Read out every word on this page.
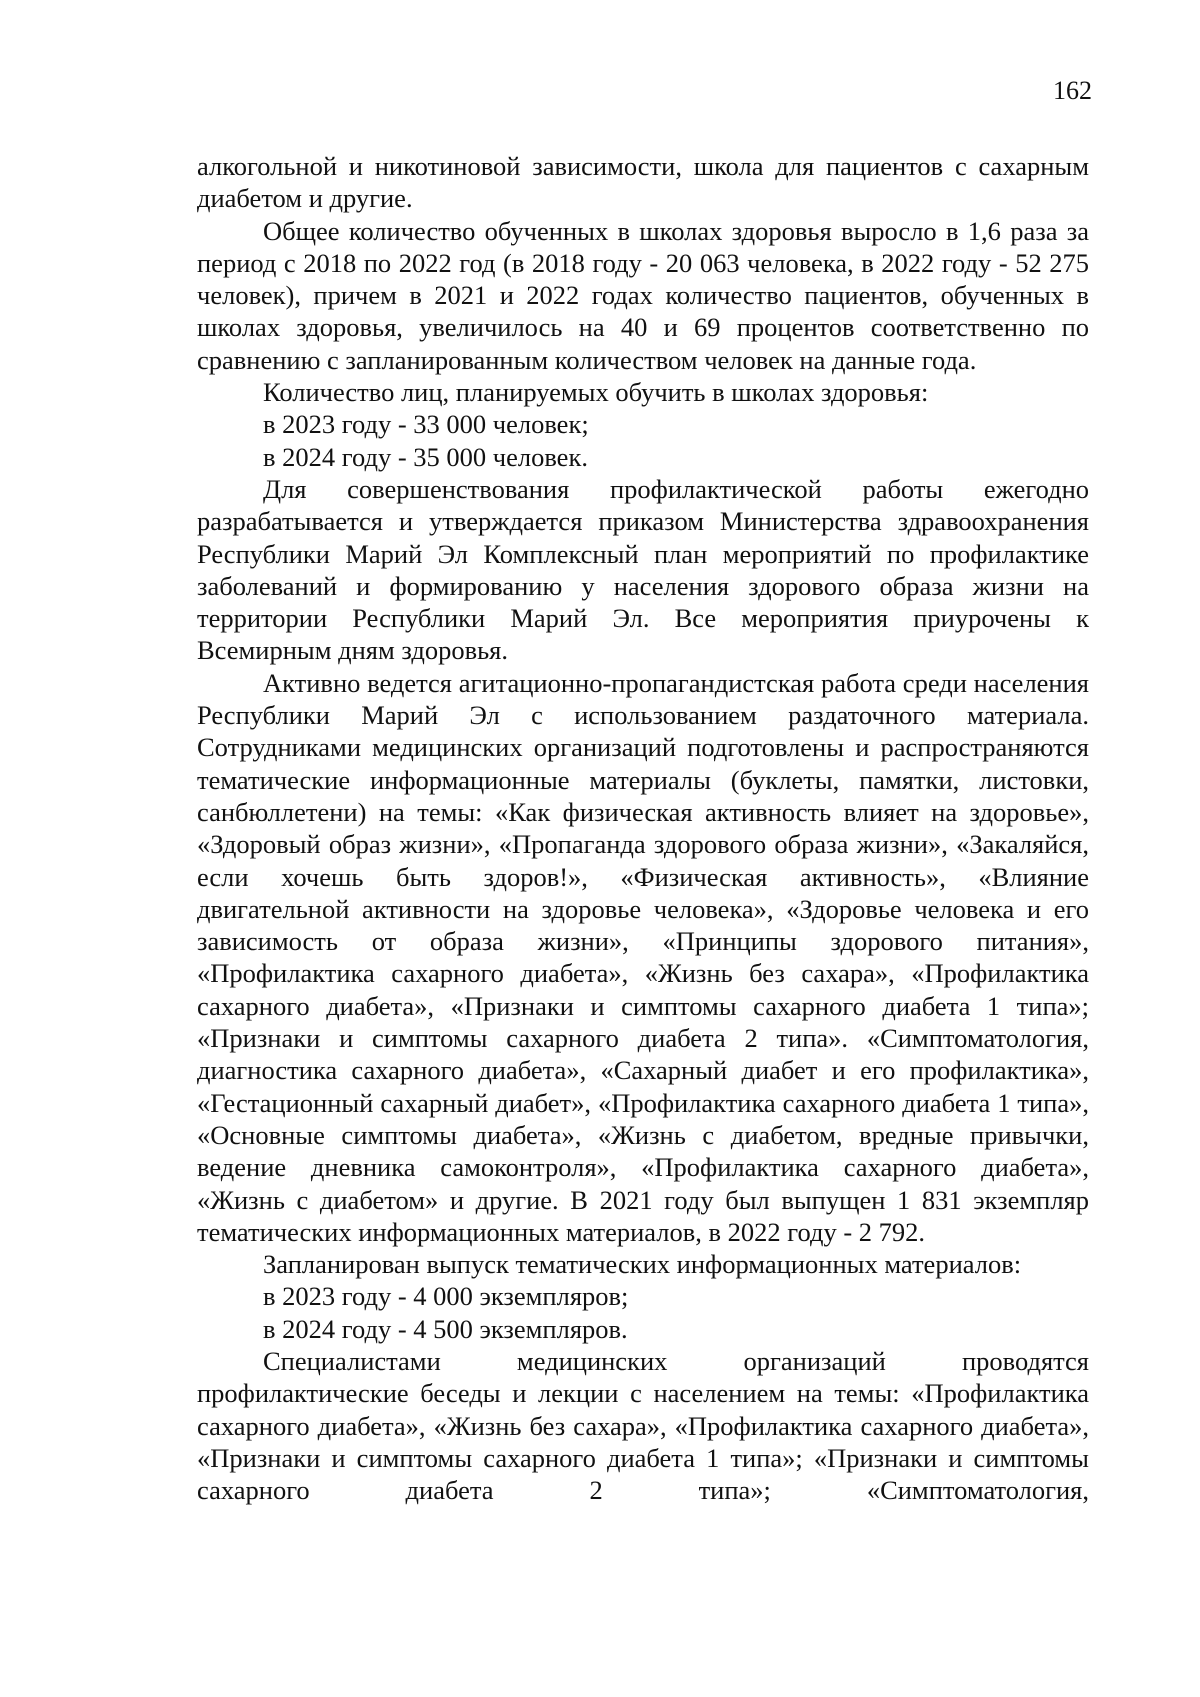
162

алкогольной и никотиновой зависимости, школа для пациентов с сахарным диабетом и другие.

Общее количество обученных в школах здоровья выросло в 1,6 раза за период с 2018 по 2022 год (в 2018 году - 20 063 человека, в 2022 году - 52 275 человек), причем в 2021 и 2022 годах количество пациентов, обученных в школах здоровья, увеличилось на 40 и 69 процентов соответственно по сравнению с запланированным количеством человек на данные года.

Количество лиц, планируемых обучить в школах здоровья:

в 2023 году - 33 000 человек;

в 2024 году - 35 000 человек.

Для совершенствования профилактической работы ежегодно разрабатывается и утверждается приказом Министерства здравоохранения Республики Марий Эл Комплексный план мероприятий по профилактике заболеваний и формированию у населения здорового образа жизни на территории Республики Марий Эл. Все мероприятия приурочены к Всемирным дням здоровья.

Активно ведется агитационно-пропагандистская работа среди населения Республики Марий Эл с использованием раздаточного материала. Сотрудниками медицинских организаций подготовлены и распространяются тематические информационные материалы (буклеты, памятки, листовки, санбюллетени) на темы: «Как физическая активность влияет на здоровье», «Здоровый образ жизни», «Пропаганда здорового образа жизни», «Закаляйся, если хочешь быть здоров!», «Физическая активность», «Влияние двигательной активности на здоровье человека», «Здоровье человека и его зависимость от образа жизни», «Принципы здорового питания», «Профилактика сахарного диабета», «Жизнь без сахара», «Профилактика сахарного диабета», «Признаки и симптомы сахарного диабета 1 типа»; «Признаки и симптомы сахарного диабета 2 типа». «Симптоматология, диагностика сахарного диабета», «Сахарный диабет и его профилактика», «Гестационный сахарный диабет», «Профилактика сахарного диабета 1 типа», «Основные симптомы диабета», «Жизнь с диабетом, вредные привычки, ведение дневника самоконтроля», «Профилактика сахарного диабета», «Жизнь с диабетом» и другие. В 2021 году был выпущен 1 831 экземпляр тематических информационных материалов, в 2022 году - 2 792.

Запланирован выпуск тематических информационных материалов:

в 2023 году - 4 000 экземпляров;

в 2024 году - 4 500 экземпляров.

Специалистами медицинских организаций проводятся профилактические беседы и лекции с населением на темы: «Профилактика сахарного диабета», «Жизнь без сахара», «Профилактика сахарного диабета», «Признаки и симптомы сахарного диабета 1 типа»; «Признаки и симптомы сахарного диабета 2 типа»; «Симптоматология,
